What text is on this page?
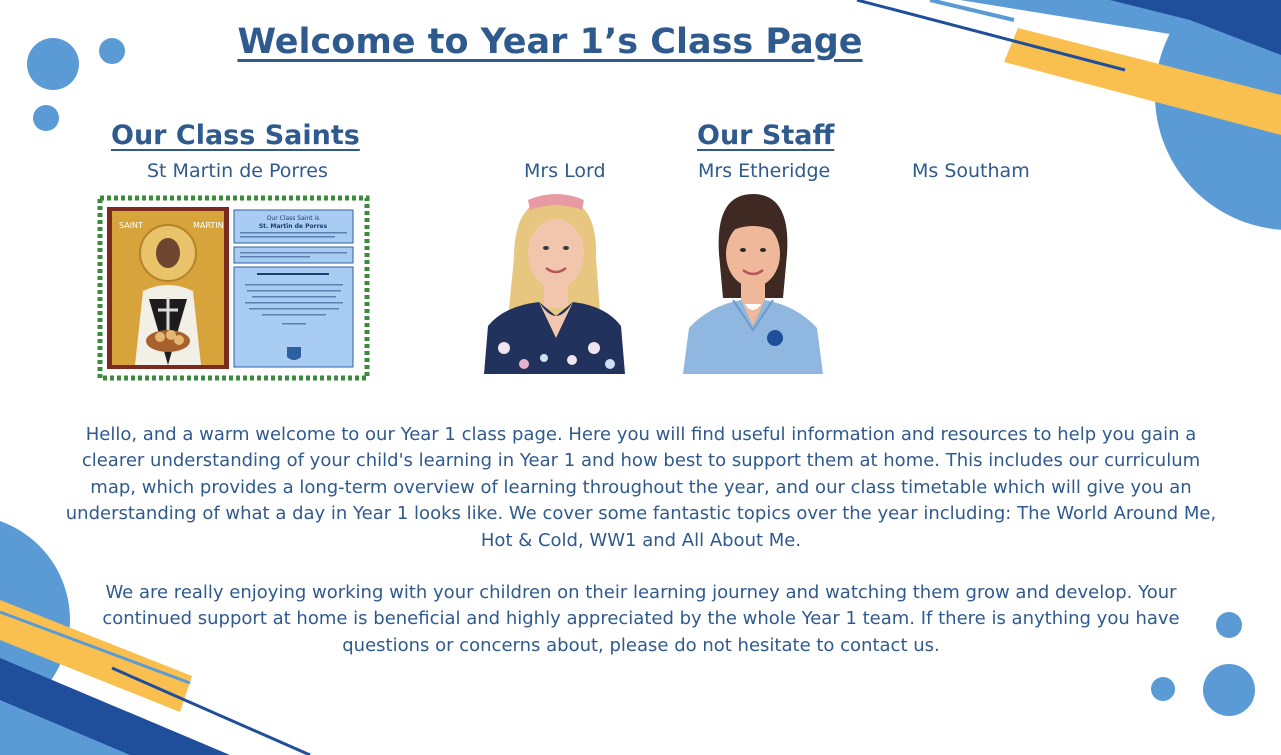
Welcome to Year 1’s Class Page
Our Class Saints
St Martin de Porres
SAINT	MARTIN
Our Class Saint is
St. Martin de Porres
Our Staff
Mrs Lord	Mrs Etheridge	Ms Southam

Hello, and a warm welcome to our Year 1 class page. Here you will find useful information and resources to help you gain a clearer understanding of your child's learning in Year 1 and how best to support them at home. This includes our curriculum map, which provides a long-term overview of learning throughout the year, and our class timetable which will give you an understanding of what a day in Year 1 looks like. We cover some fantastic topics over the year including: The World Around Me, Hot & Cold, WW1 and All About Me.

We are really enjoying working with your children on their learning journey and watching them grow and develop. Your continued support at home is beneficial and highly appreciated by the whole Year 1 team. If there is anything you have questions or concerns about, please do not hesitate to contact us.
